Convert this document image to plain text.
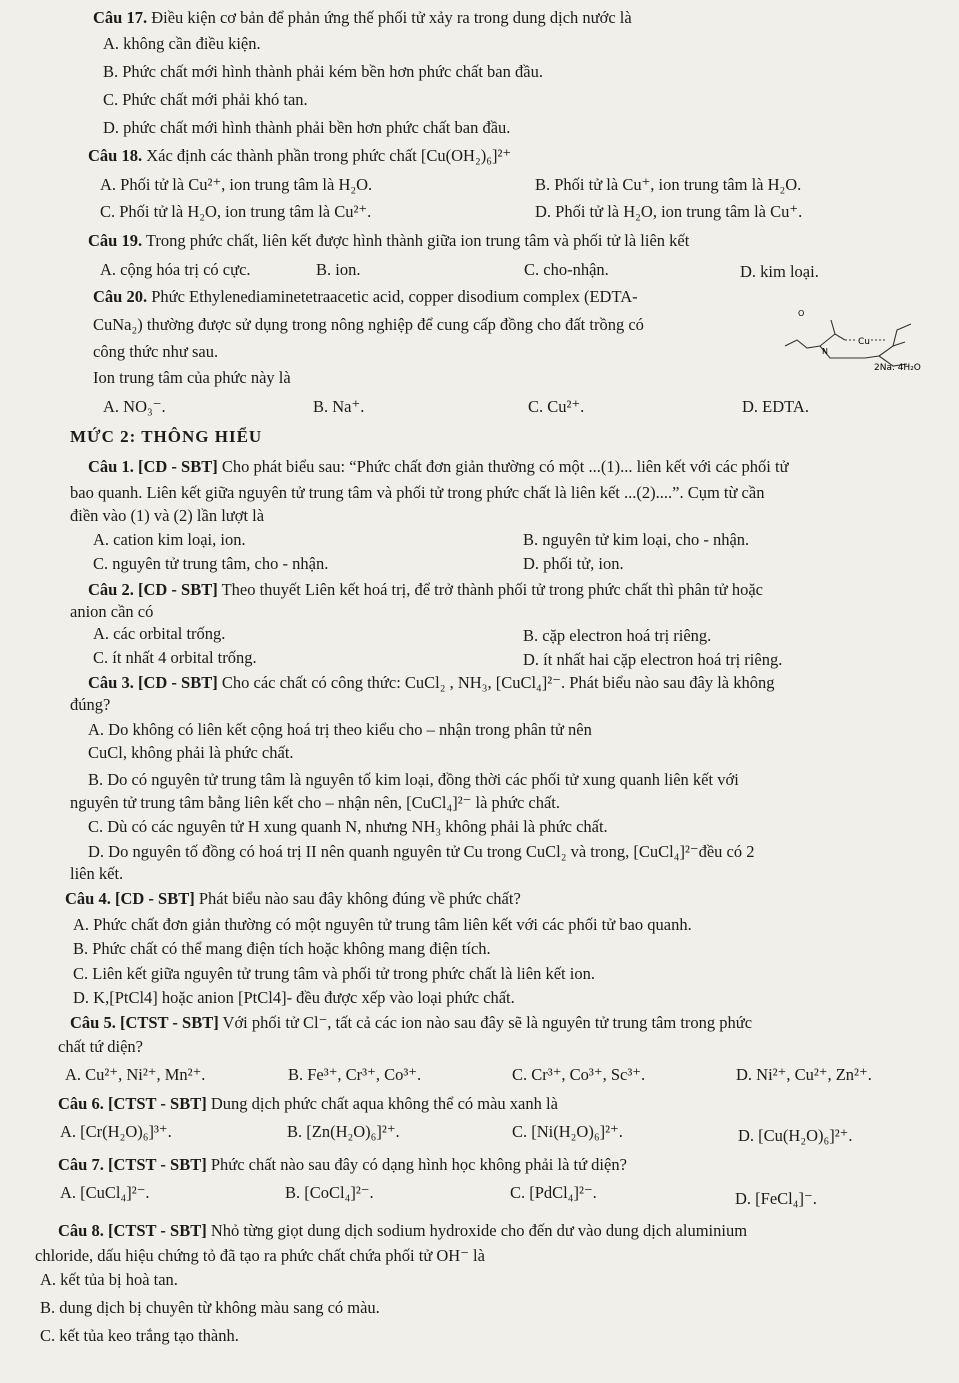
Câu 17. Điều kiện cơ bản để phản ứng thế phối tử xảy ra trong dung dịch nước là
A. không cần điều kiện.
B. Phức chất mới hình thành phải kém bền hơn phức chất ban đầu.
C. Phức chất mới phải khó tan.
D. phức chất mới hình thành phải bền hơn phức chất ban đầu.
Câu 18. Xác định các thành phần trong phức chất [Cu(OH₂)₆]²⁺
A. Phối tử là Cu²⁺, ion trung tâm là H₂O.	B. Phối tử là Cu⁺, ion trung tâm là H₂O.
C. Phối tử là H₂O, ion trung tâm là Cu²⁺.	D. Phối tử là H₂O, ion trung tâm là Cu⁺.
Câu 19. Trong phức chất, liên kết được hình thành giữa ion trung tâm và phối tử là liên kết
A. cộng hóa trị có cực.	B. ion.	C. cho-nhận.	D. kim loại.
Câu 20. Phức Ethylenediaminetetraacetic acid, copper disodium complex (EDTA-
CuNa₂) thường được sử dụng trong nông nghiệp để cung cấp đồng cho đất trồng có
công thức như sau.
Ion trung tâm của phức này là
O
Cu
N
2Na. 4H₂O
A. NO₃⁻.	B. Na⁺.	C. Cu²⁺.	D. EDTA.
MỨC 2: THÔNG HIỂU
Câu 1. [CD - SBT] Cho phát biểu sau: “Phức chất đơn giản thường có một ...(1)... liên kết với các phối tử
bao quanh. Liên kết giữa nguyên tử trung tâm và phối tử trong phức chất là liên kết ...(2)....”. Cụm từ cần
điền vào (1) và (2) lần lượt là
A. cation kim loại, ion.	B. nguyên tử kim loại, cho - nhận.
C. nguyên tử trung tâm, cho - nhận.	D. phối tử, ion.
Câu 2. [CD - SBT] Theo thuyết Liên kết hoá trị, để trở thành phối tử trong phức chất thì phân tử hoặc
anion cần có
A. các orbital trống.	B. cặp electron hoá trị riêng.
C. ít nhất 4 orbital trống.	D. ít nhất hai cặp electron hoá trị riêng.
Câu 3. [CD - SBT] Cho các chất có công thức: CuCl₂ , NH₃, [CuCl₄]²⁻. Phát biểu nào sau đây là không
đúng?
A. Do không có liên kết cộng hoá trị theo kiểu cho – nhận trong phân tử nên
CuCl, không phải là phức chất.
B. Do có nguyên tử trung tâm là nguyên tố kim loại, đồng thời các phối tử xung quanh liên kết với
nguyên tử trung tâm bằng liên kết cho – nhận nên, [CuCl₄]²⁻ là phức chất.
C. Dù có các nguyên tử H xung quanh N, nhưng NH₃ không phải là phức chất.
D. Do nguyên tố đồng có hoá trị II nên quanh nguyên tử Cu trong CuCl₂ và trong, [CuCl₄]²⁻đều có 2
liên kết.
Câu 4. [CD - SBT] Phát biểu nào sau đây không đúng về phức chất?
A. Phức chất đơn giản thường có một nguyên tử trung tâm liên kết với các phối tử bao quanh.
B. Phức chất có thể mang điện tích hoặc không mang điện tích.
C. Liên kết giữa nguyên tử trung tâm và phối tử trong phức chất là liên kết ion.
D. K,[PtCl4] hoặc anion [PtCl4]- đều được xếp vào loại phức chất.
Câu 5. [CTST - SBT] Với phối tử Cl⁻, tất cả các ion nào sau đây sẽ là nguyên tử trung tâm trong phức
chất tứ diện?
A. Cu²⁺, Ni²⁺, Mn²⁺.	B. Fe³⁺, Cr³⁺, Co³⁺.	C. Cr³⁺, Co³⁺, Sc³⁺.	D. Ni²⁺, Cu²⁺, Zn²⁺.
Câu 6. [CTST - SBT] Dung dịch phức chất aqua không thể có màu xanh là
A. [Cr(H₂O)₆]³⁺.	B. [Zn(H₂O)₆]²⁺.	C. [Ni(H₂O)₆]²⁺.	D. [Cu(H₂O)₆]²⁺.
Câu 7. [CTST - SBT] Phức chất nào sau đây có dạng hình học không phải là tứ diện?
A. [CuCl₄]²⁻.	B. [CoCl₄]²⁻.	C. [PdCl₄]²⁻.	D. [FeCl₄]⁻.
Câu 8. [CTST - SBT] Nhỏ từng giọt dung dịch sodium hydroxide cho đến dư vào dung dịch aluminium
chloride, dấu hiệu chứng tỏ đã tạo ra phức chất chứa phối tử OH⁻ là
A. kết tủa bị hoà tan.
B. dung dịch bị chuyên từ không màu sang có màu.
C. kết tủa keo trắng tạo thành.
